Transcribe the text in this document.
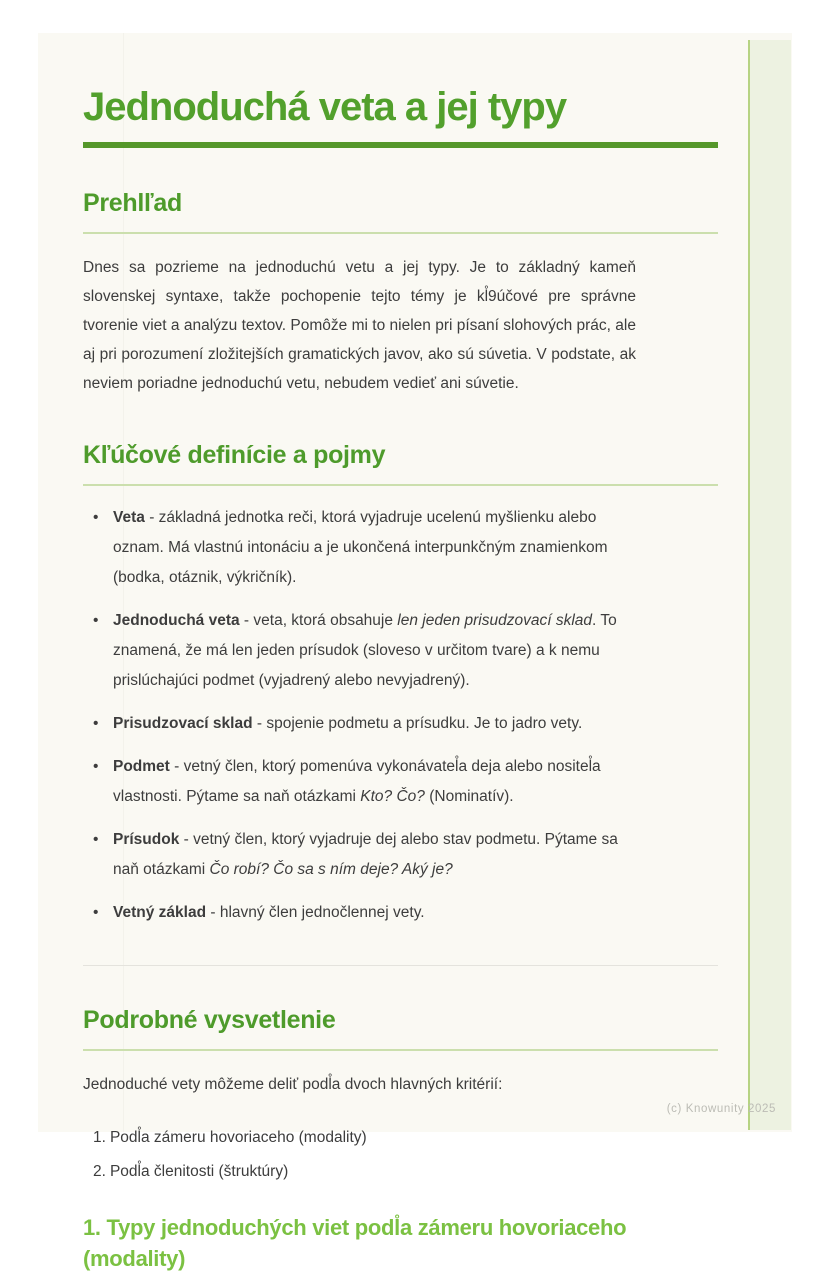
Jednoduchá veta a jej typy
Prehlľad

Dnes sa pozrieme na jednoduchú vetu a jej typy. Je to základný kameň slovenskej syntaxe, takže pochopenie tejto témy je kl̊9účové pre správne tvorenie viet a analýzu textov. Pomôže mi to nielen pri písaní slohových prác, ale aj pri porozumení zložitejších gramatických javov, ako sú súvetia. V podstate, ak neviem poriadne jednoduchú vetu, nebudem vedieť ani súvetie.

Kľúčové definície a pojmy
• Veta - základná jednotka reči, ktorá vyjadruje ucelenú myšlienku alebo oznam. Má vlastnú intonáciu a je ukončená interpunkčným znamienkom (bodka, otáznik, výkričník).
• Jednoduchá veta - veta, ktorá obsahuje len jeden prisudzovací sklad. To znamená, že má len jeden prísudok (sloveso v určitom tvare) a k nemu prislúchajúci podmet (vyjadrený alebo nevyjadrený).
• Prisudzovací sklad - spojenie podmetu a prísudku. Je to jadro vety.
• Podmet - vetný člen, ktorý pomenúva vykonávatel̊a deja alebo nositel̊a vlastnosti. Pýtame sa naň otázkami Kto? Čo? (Nominatív).
• Prísudok - vetný člen, ktorý vyjadruje dej alebo stav podmetu. Pýtame sa naň otázkami Čo robí? Čo sa s ním deje? Aký je?
• Vetný základ - hlavný člen jednočlennej vety.
Podrobné vysvetlenie

Jednoduché vety môžeme deliť podl̊a dvoch hlavných kritérií:

1. Podl̊a zámeru hovoriaceho (modality)
2. Podl̊a členitosti (štruktúry)
1. Typy jednoduchých viet podl̊a zámeru hovoriaceho (modality)
(c) Knowunity 2025
